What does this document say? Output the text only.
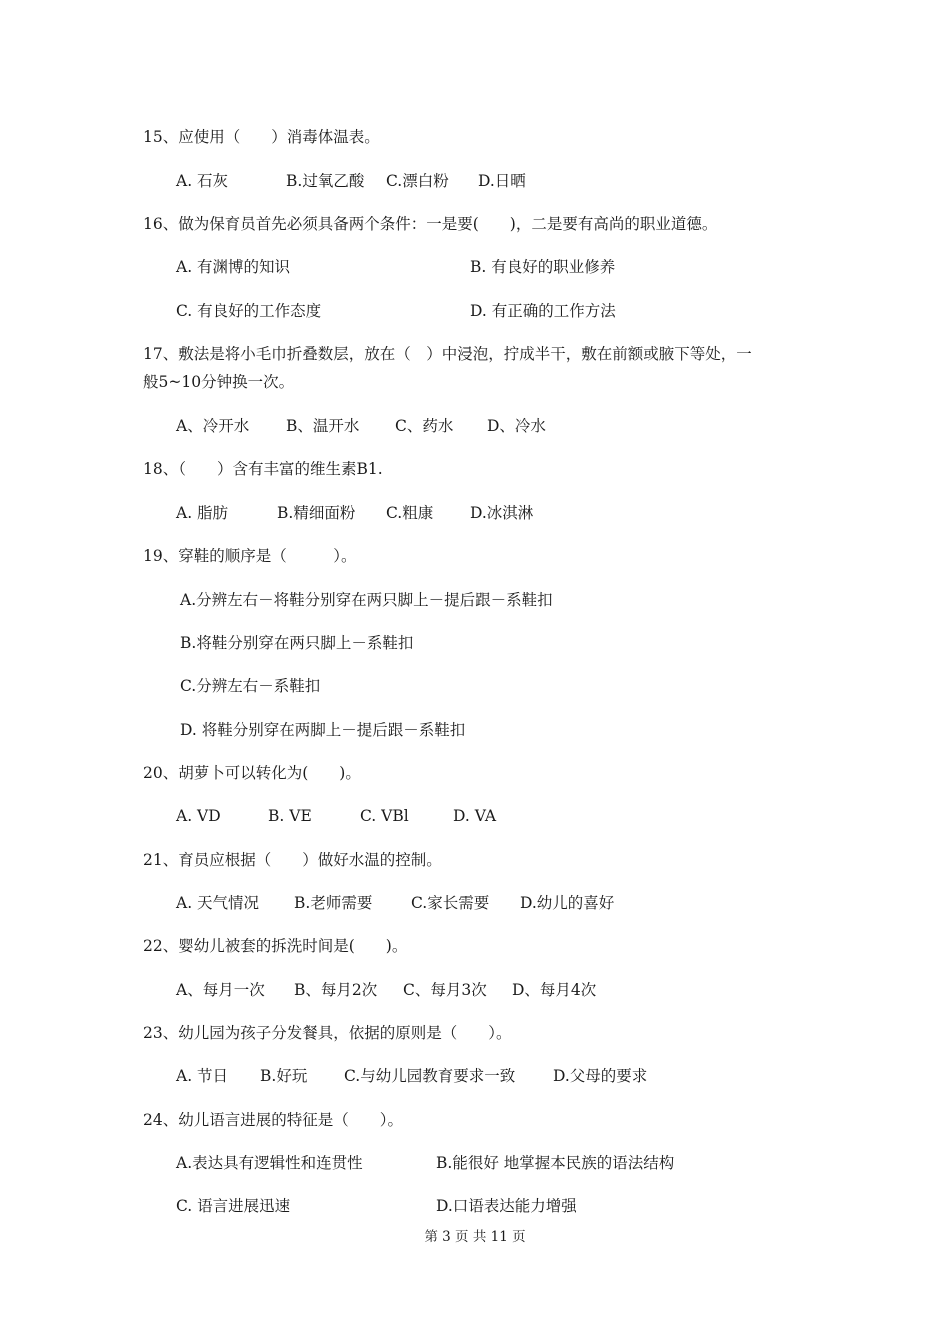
15、应使用（　　）消毒体温表。
A. 石灰	B.过氧乙酸 C.漂白粉 D.日晒
16、做为保育员首先必须具备两个条件：一是要(　　)，二是要有高尚的职业道德。
A. 有渊博的知识	B. 有良好的职业修养
C. 有良好的工作态度	D. 有正确的工作方法
17、敷法是将小毛巾折叠数层，放在（　）中浸泡，拧成半干，敷在前额或腋下等处，一
般5~10分钟换一次。
A、冷开水 B、温开水 C、药水 D、冷水
18、（　　）含有丰富的维生素B1.
A. 脂肪	B.精细面粉 C.粗康 D.冰淇淋
19、穿鞋的顺序是（　　　）。
A.分辨左右－将鞋分别穿在两只脚上－提后跟－系鞋扣
B.将鞋分别穿在两只脚上－系鞋扣
C.分辨左右－系鞋扣
D. 将鞋分别穿在两脚上－提后跟－系鞋扣
20、胡萝卜可以转化为(　　)。
A. VD	B. VE	C. VBl	D. VA
21、育员应根据（　　）做好水温的控制。
A. 天气情况 B.老师需要 C.家长需要 D.幼儿的喜好
22、婴幼儿被套的拆洗时间是(　　)。
A、每月一次 B、每月2次 C、每月3次 D、每月4次
23、幼儿园为孩子分发餐具，依据的原则是（　　）。
A. 节日 B.好玩 C.与幼儿园教育要求一致 D.父母的要求
24、幼儿语言进展的特征是（　　）。
A.表达具有逻辑性和连贯性	B.能很好 地掌握本民族的语法结构
C. 语言进展迅速	D.口语表达能力增强
第 3 页 共 11 页
